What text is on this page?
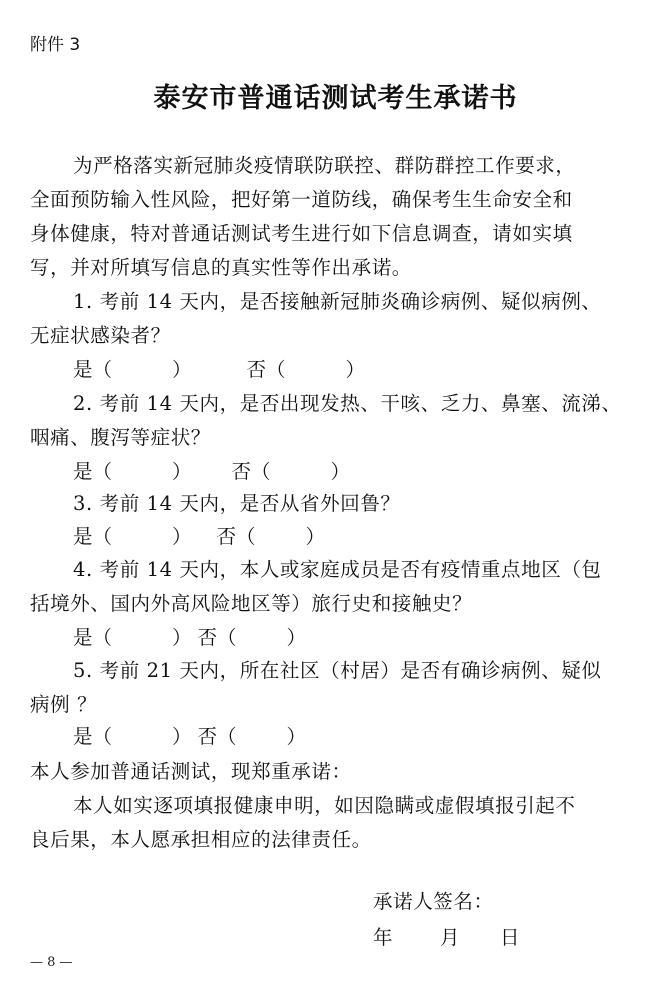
附件 3
泰安市普通话测试考生承诺书
为严格落实新冠肺炎疫情联防联控、群防群控工作要求，
全面预防输入性风险，把好第一道防线，确保考生生命安全和
身体健康，特对普通话测试考生进行如下信息调查，请如实填
写，并对所填写信息的真实性等作出承诺。
1. 考前 14 天内，是否接触新冠肺炎确诊病例、疑似病例、
无症状感染者？
是（	）	否（	）
2. 考前 14 天内，是否出现发热、干咳、乏力、鼻塞、流涕、
咽痛、腹泻等症状？
是（	） 否（	）
3. 考前 14 天内，是否从省外回鲁？
是（	） 否（	）
4. 考前 14 天内，本人或家庭成员是否有疫情重点地区（包
括境外、国内外高风险地区等）旅行史和接触史？
是（	） 否（	）
5. 考前 21 天内，所在社区（村居）是否有确诊病例、疑似
病例 ？
是（	） 否（	）
本人参加普通话测试，现郑重承诺：
本人如实逐项填报健康申明，如因隐瞒或虚假填报引起不
良后果，本人愿承担相应的法律责任。
承诺人签名：
年 月 日
— 8 —
